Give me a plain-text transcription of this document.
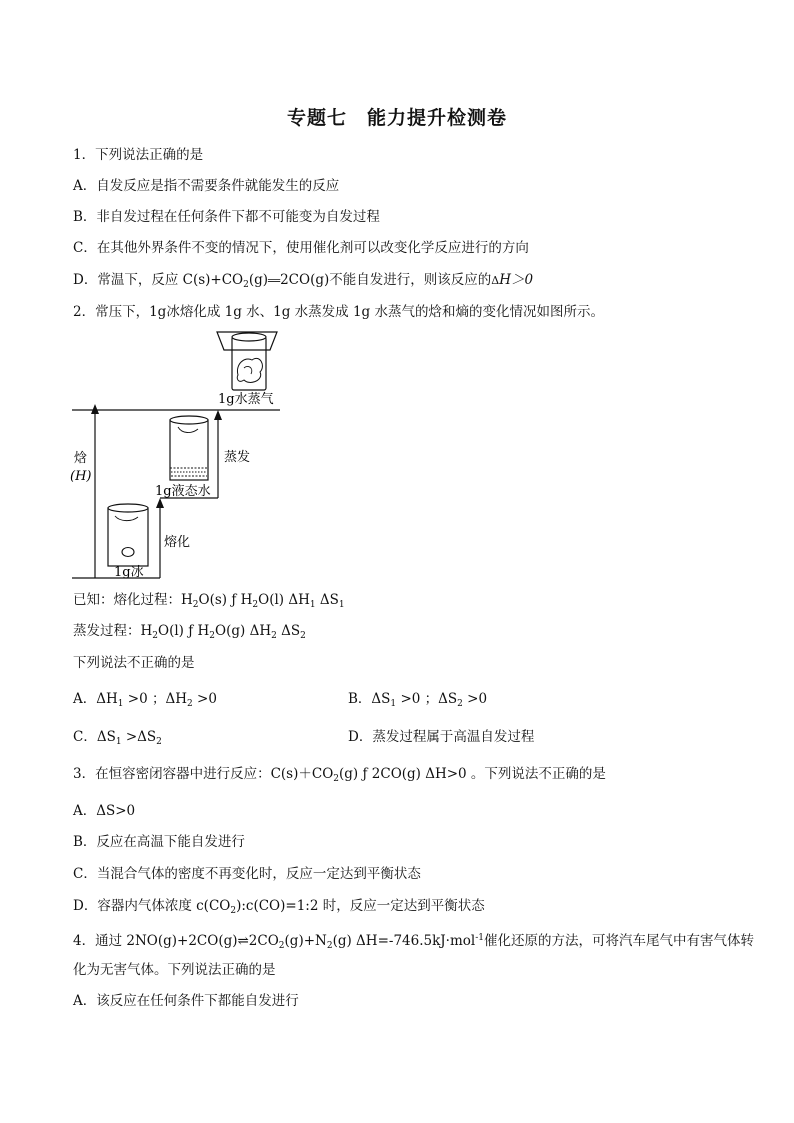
专题七　能力提升检测卷
1．下列说法正确的是
A．自发反应是指不需要条件就能发生的反应
B．非自发过程在任何条件下都不可能变为自发过程
C．在其他外界条件不变的情况下，使用催化剂可以改变化学反应进行的方向
D．常温下，反应 $C(s)+CO_2(g)══2CO(g)$不能自发进行，则该反应的ΔH＞0
2．常压下，1g冰熔化成 1g 水、1g 水蒸发成 1g 水蒸气的焓和熵的变化情况如图所示。
1g水蒸气
焓
(H)
蒸发
熔化
1g液态水
1g冰
已知：熔化过程：$H_2O(s)$ ƒ $H_2O(l)$ $\Delta H_1$ $\Delta S_1$
蒸发过程：$H_2O(l)$ ƒ $H_2O(g)$ $\Delta H_2$ $\Delta S_2$
下列说法不正确的是
A．$\Delta H_1 >0$ ；$\Delta H_2 >0$	B．$\Delta S_1 >0$ ；$\Delta S_2 >0$
C．$\Delta S_1 >\Delta S_2$	D．蒸发过程属于高温自发过程
3．在恒容密闭容器中进行反应：$C(s)+CO_2(g)$ ƒ 2CO(g) ΔH>0 。下列说法不正确的是
A．ΔS>0
B．反应在高温下能自发进行
C．当混合气体的密度不再变化时，反应一定达到平衡状态
D．容器内气体浓度 $c(CO_2):c(CO)=1:2$ 时，反应一定达到平衡状态
4．通过 $2NO(g)+2CO(g)\rightleftharpoons 2CO_2(g)+N_2(g)$ ΔH=-746.5kJ·mol$^{-1}$催化还原的方法，可将汽车尾气中有害气体转
化为无害气体。下列说法正确的是
A．该反应在任何条件下都能自发进行
